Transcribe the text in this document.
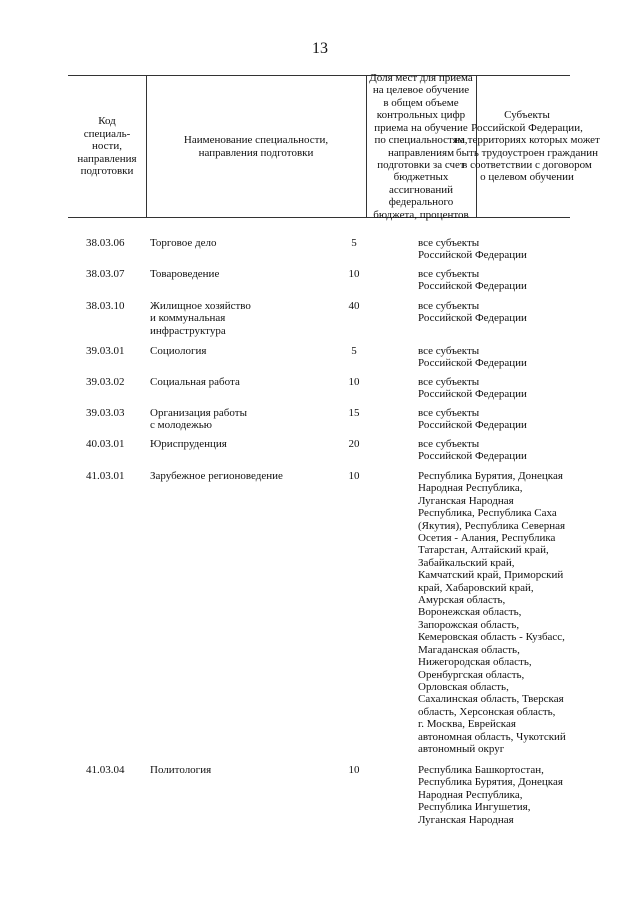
13
Код
специаль-
ности,
направления
подготовки
Наименование специальности,
направления подготовки
Доля мест для приема
на целевое обучение
в общем объеме
контрольных цифр
приема на обучение
по специальностям,
направлениям
подготовки за счет
бюджетных
ассигнований
федерального
бюджета, процентов
Субъекты
Российской Федерации,
на территориях которых может
быть трудоустроен гражданин
в соответствии с договором
о целевом обучении
38.03.06	Торговое дело	5	все субъекты
Российской Федерации
38.03.07	Товароведение	10	все субъекты
Российской Федерации
38.03.10	Жилищное хозяйство
и коммунальная
инфраструктура
40	все субъекты
Российской Федерации
39.03.01	Социология	5	все субъекты
Российской Федерации
39.03.02	Социальная работа	10	все субъекты
Российской Федерации
39.03.03	Организация работы
с молодежью
15	все субъекты
Российской Федерации
40.03.01	Юриспруденция	20	все субъекты
Российской Федерации
41.03.01	Зарубежное регионоведение	10	Республика Бурятия, Донецкая
Народная Республика,
Луганская Народная
Республика, Республика Саха
(Якутия), Республика Северная
Осетия - Алания, Республика
Татарстан, Алтайский край,
Забайкальский край,
Камчатский край, Приморский
край, Хабаровский край,
Амурская область,
Воронежская область,
Запорожская область,
Кемеровская область - Кузбасс,
Магаданская область,
Нижегородская область,
Оренбургская область,
Орловская область,
Сахалинская область, Тверская
область, Херсонская область,
г. Москва, Еврейская
автономная область, Чукотский
автономный округ
41.03.04	Политология	10	Республика Башкортостан,
Республика Бурятия, Донецкая
Народная Республика,
Республика Ингушетия,
Луганская Народная
